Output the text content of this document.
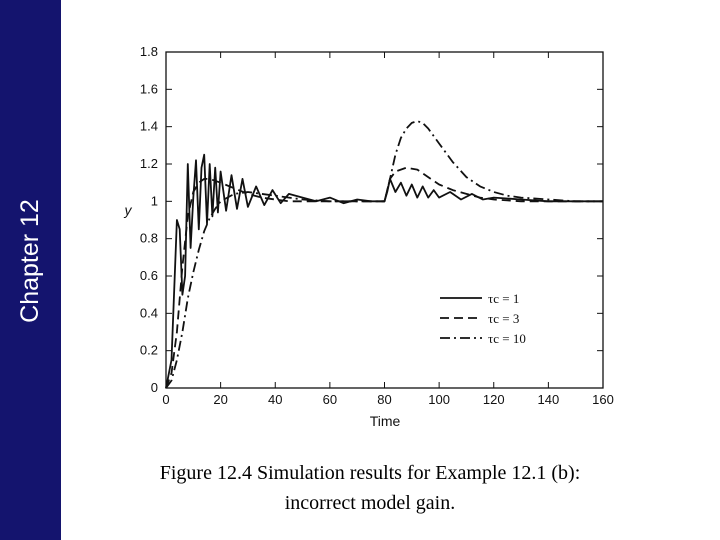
Chapter 12
0
0.2
0.4
0.6
0.8
1
1.2
1.4
1.6
1.8
0	20	40	60	80	100	120	140	160
Time
y
τc = 1
τc = 3
τc = 10
Figure 12.4 Simulation results for Example 12.1 (b):
incorrect model gain.
